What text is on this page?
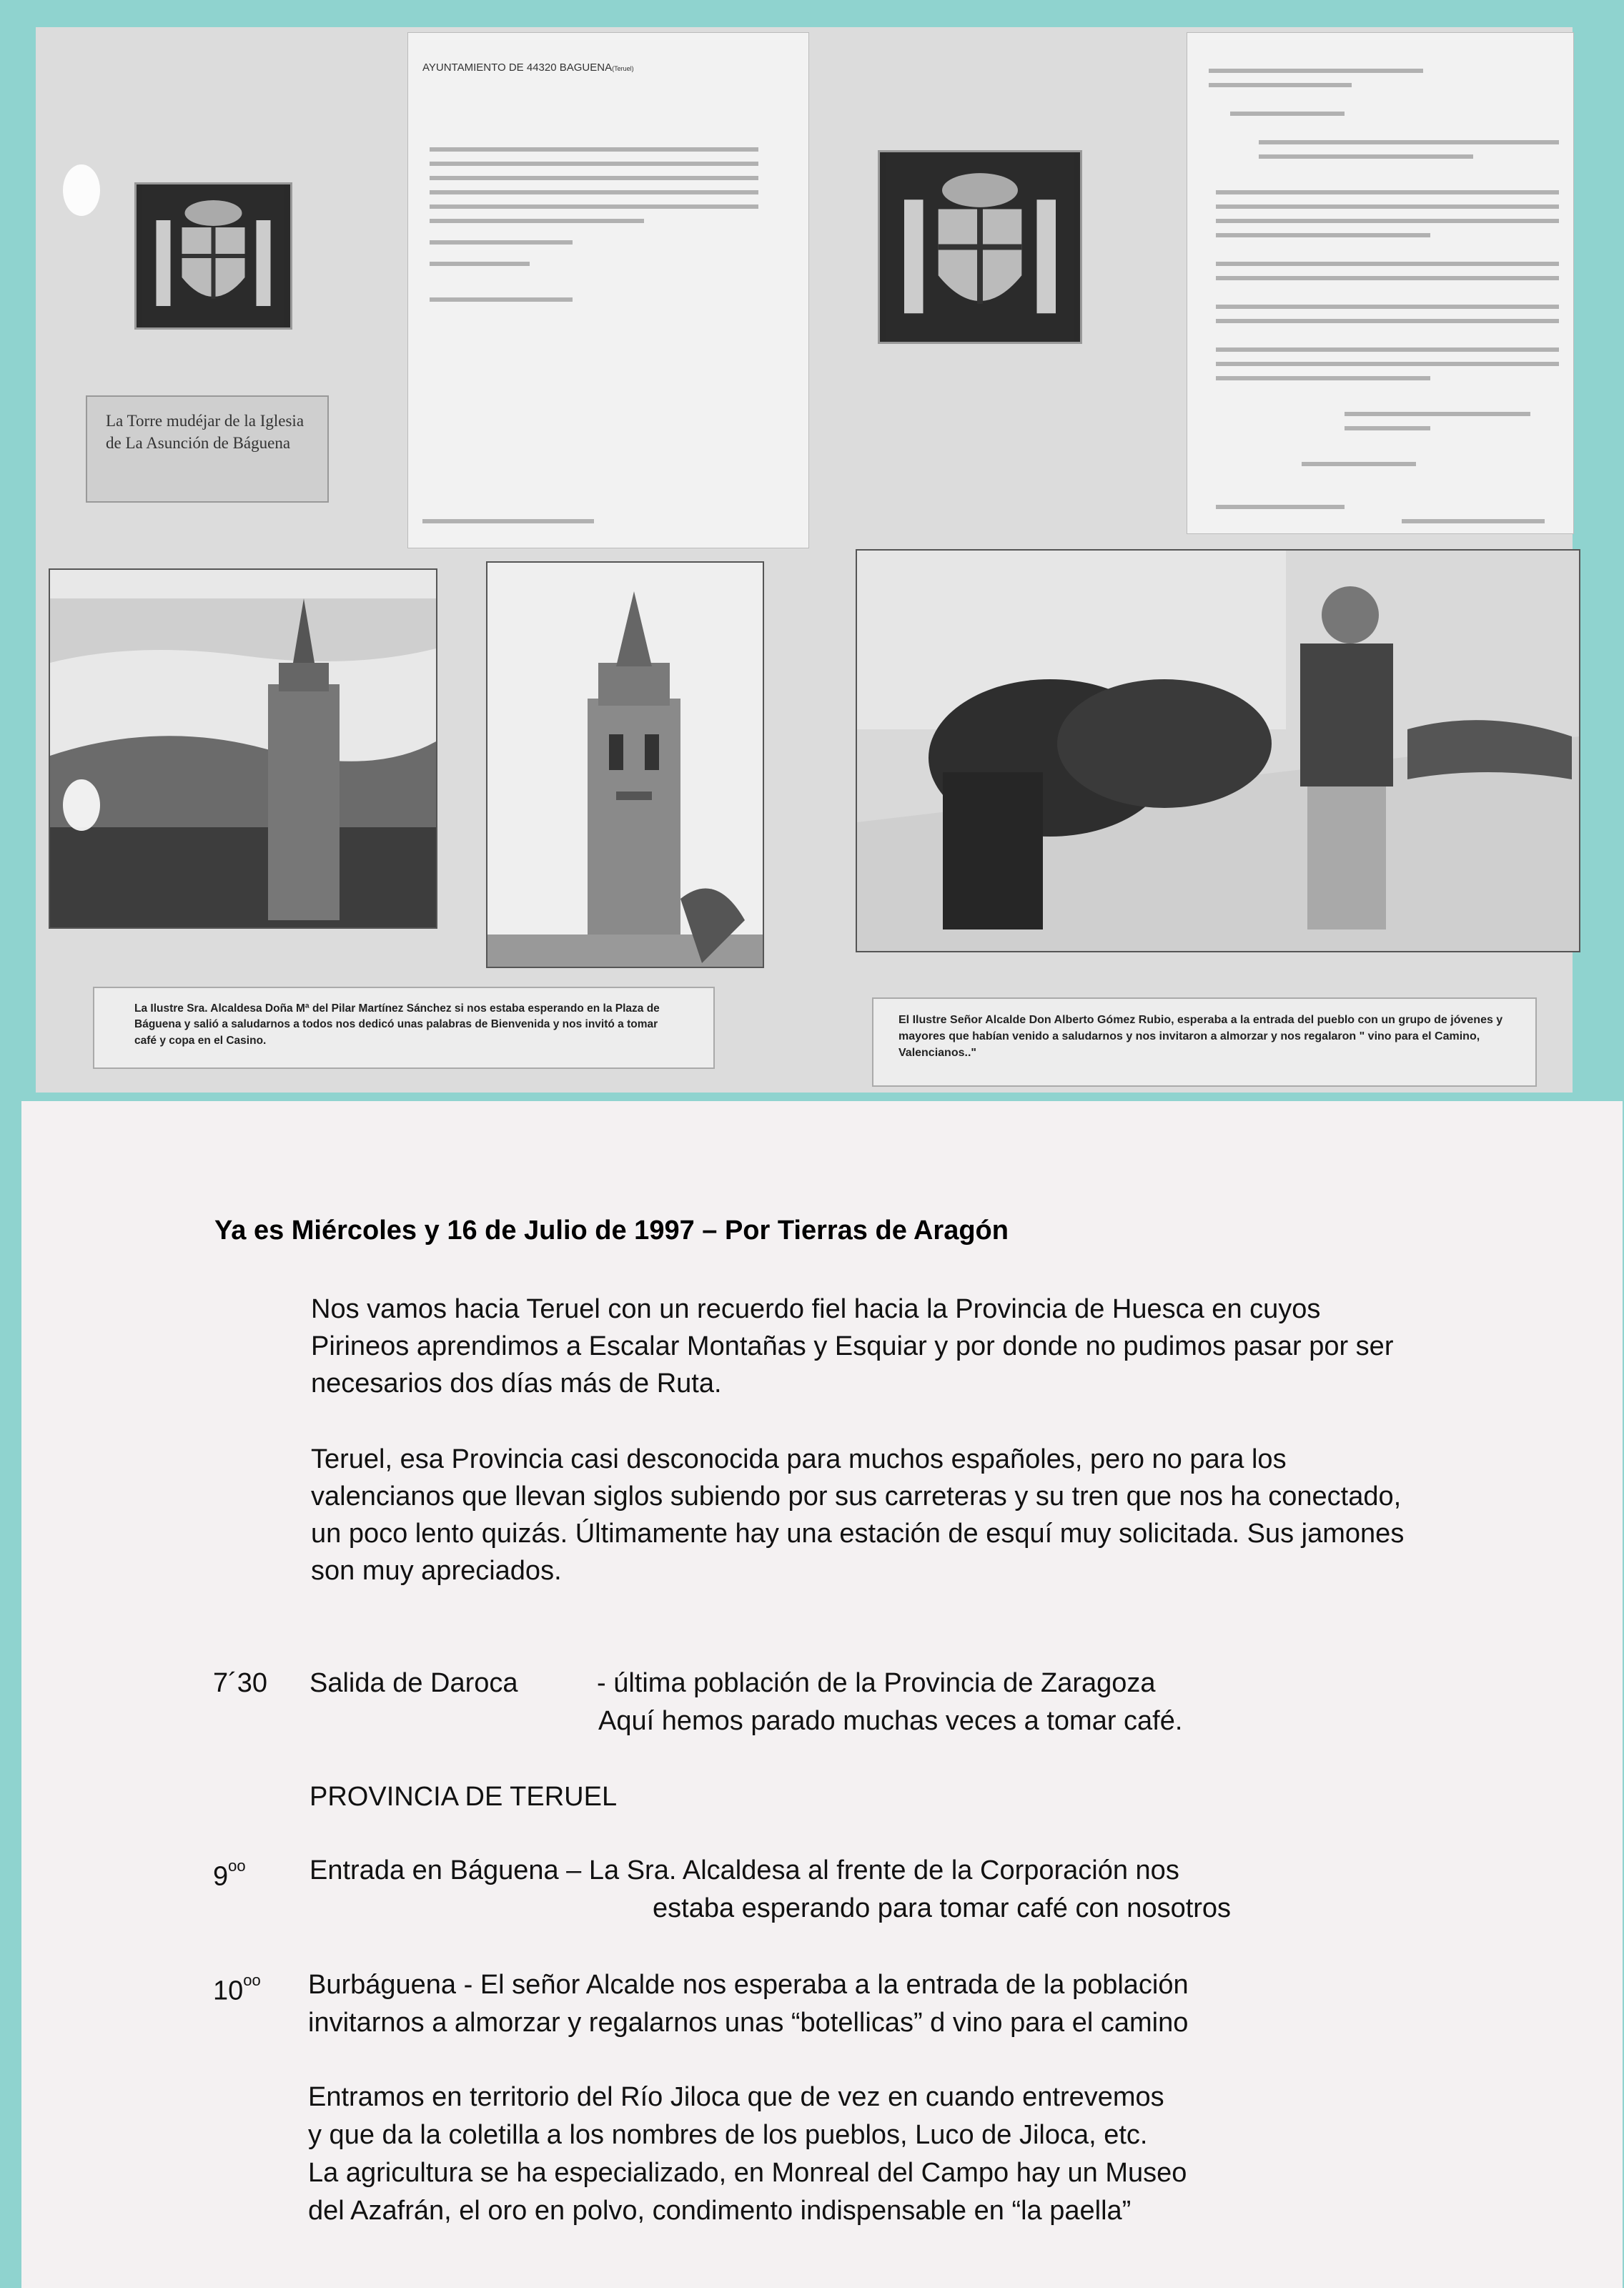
AYUNTAMIENTO DE 44320 BAGUENA(Teruel)
La Torre mudéjar de la Iglesia de La Asunción de Báguena
La Ilustre Sra. Alcaldesa Doña Mª del Pilar Martínez Sánchez si nos estaba esperando en la Plaza de Báguena y salió a saludarnos a todos nos dedicó unas palabras de Bienvenida y nos invitó a tomar café y copa en el Casino.
El Ilustre Señor Alcalde Don Alberto Gómez Rubio, esperaba a la entrada del pueblo con un grupo de jóvenes y mayores que habían venido a saludarnos y nos invitaron a almorzar y nos regalaron " vino para el Camino, Valencianos.."
Ya es Miércoles y 16 de Julio de 1997 – Por Tierras de Aragón
Nos vamos hacia Teruel con un recuerdo fiel hacia la Provincia de Huesca en cuyos Pirineos aprendimos a Escalar Montañas y Esquiar y por donde no pudimos pasar por ser necesarios dos días más de Ruta.
Teruel, esa Provincia casi desconocida para muchos españoles, pero no para los valencianos que llevan siglos subiendo por sus carreteras y su tren que nos ha conectado, un poco lento quizás. Últimamente hay una estación de esquí muy solicitada. Sus jamones son muy apreciados.
7´30 Salida de Daroca	- última población de la Provincia de Zaragoza
Aquí hemos parado muchas veces a tomar café.
PROVINCIA DE TERUEL
$9^{oo}$ Entrada en Báguena – La Sra. Alcaldesa al frente de la Corporación nos
estaba esperando para tomar café con nosotros
$10^{oo}$ Burbáguena - El señor Alcalde nos esperaba a la entrada de la población
invitarnos a almorzar y regalarnos unas “botellicas” d vino para el camino
Entramos en territorio del Río Jiloca que de vez en cuando entrevemos
y que da la coletilla a los nombres de los pueblos, Luco de Jiloca, etc.
La agricultura se ha especializado, en Monreal del Campo hay un Museo
del Azafrán, el oro en polvo, condimento indispensable en “la paella”
